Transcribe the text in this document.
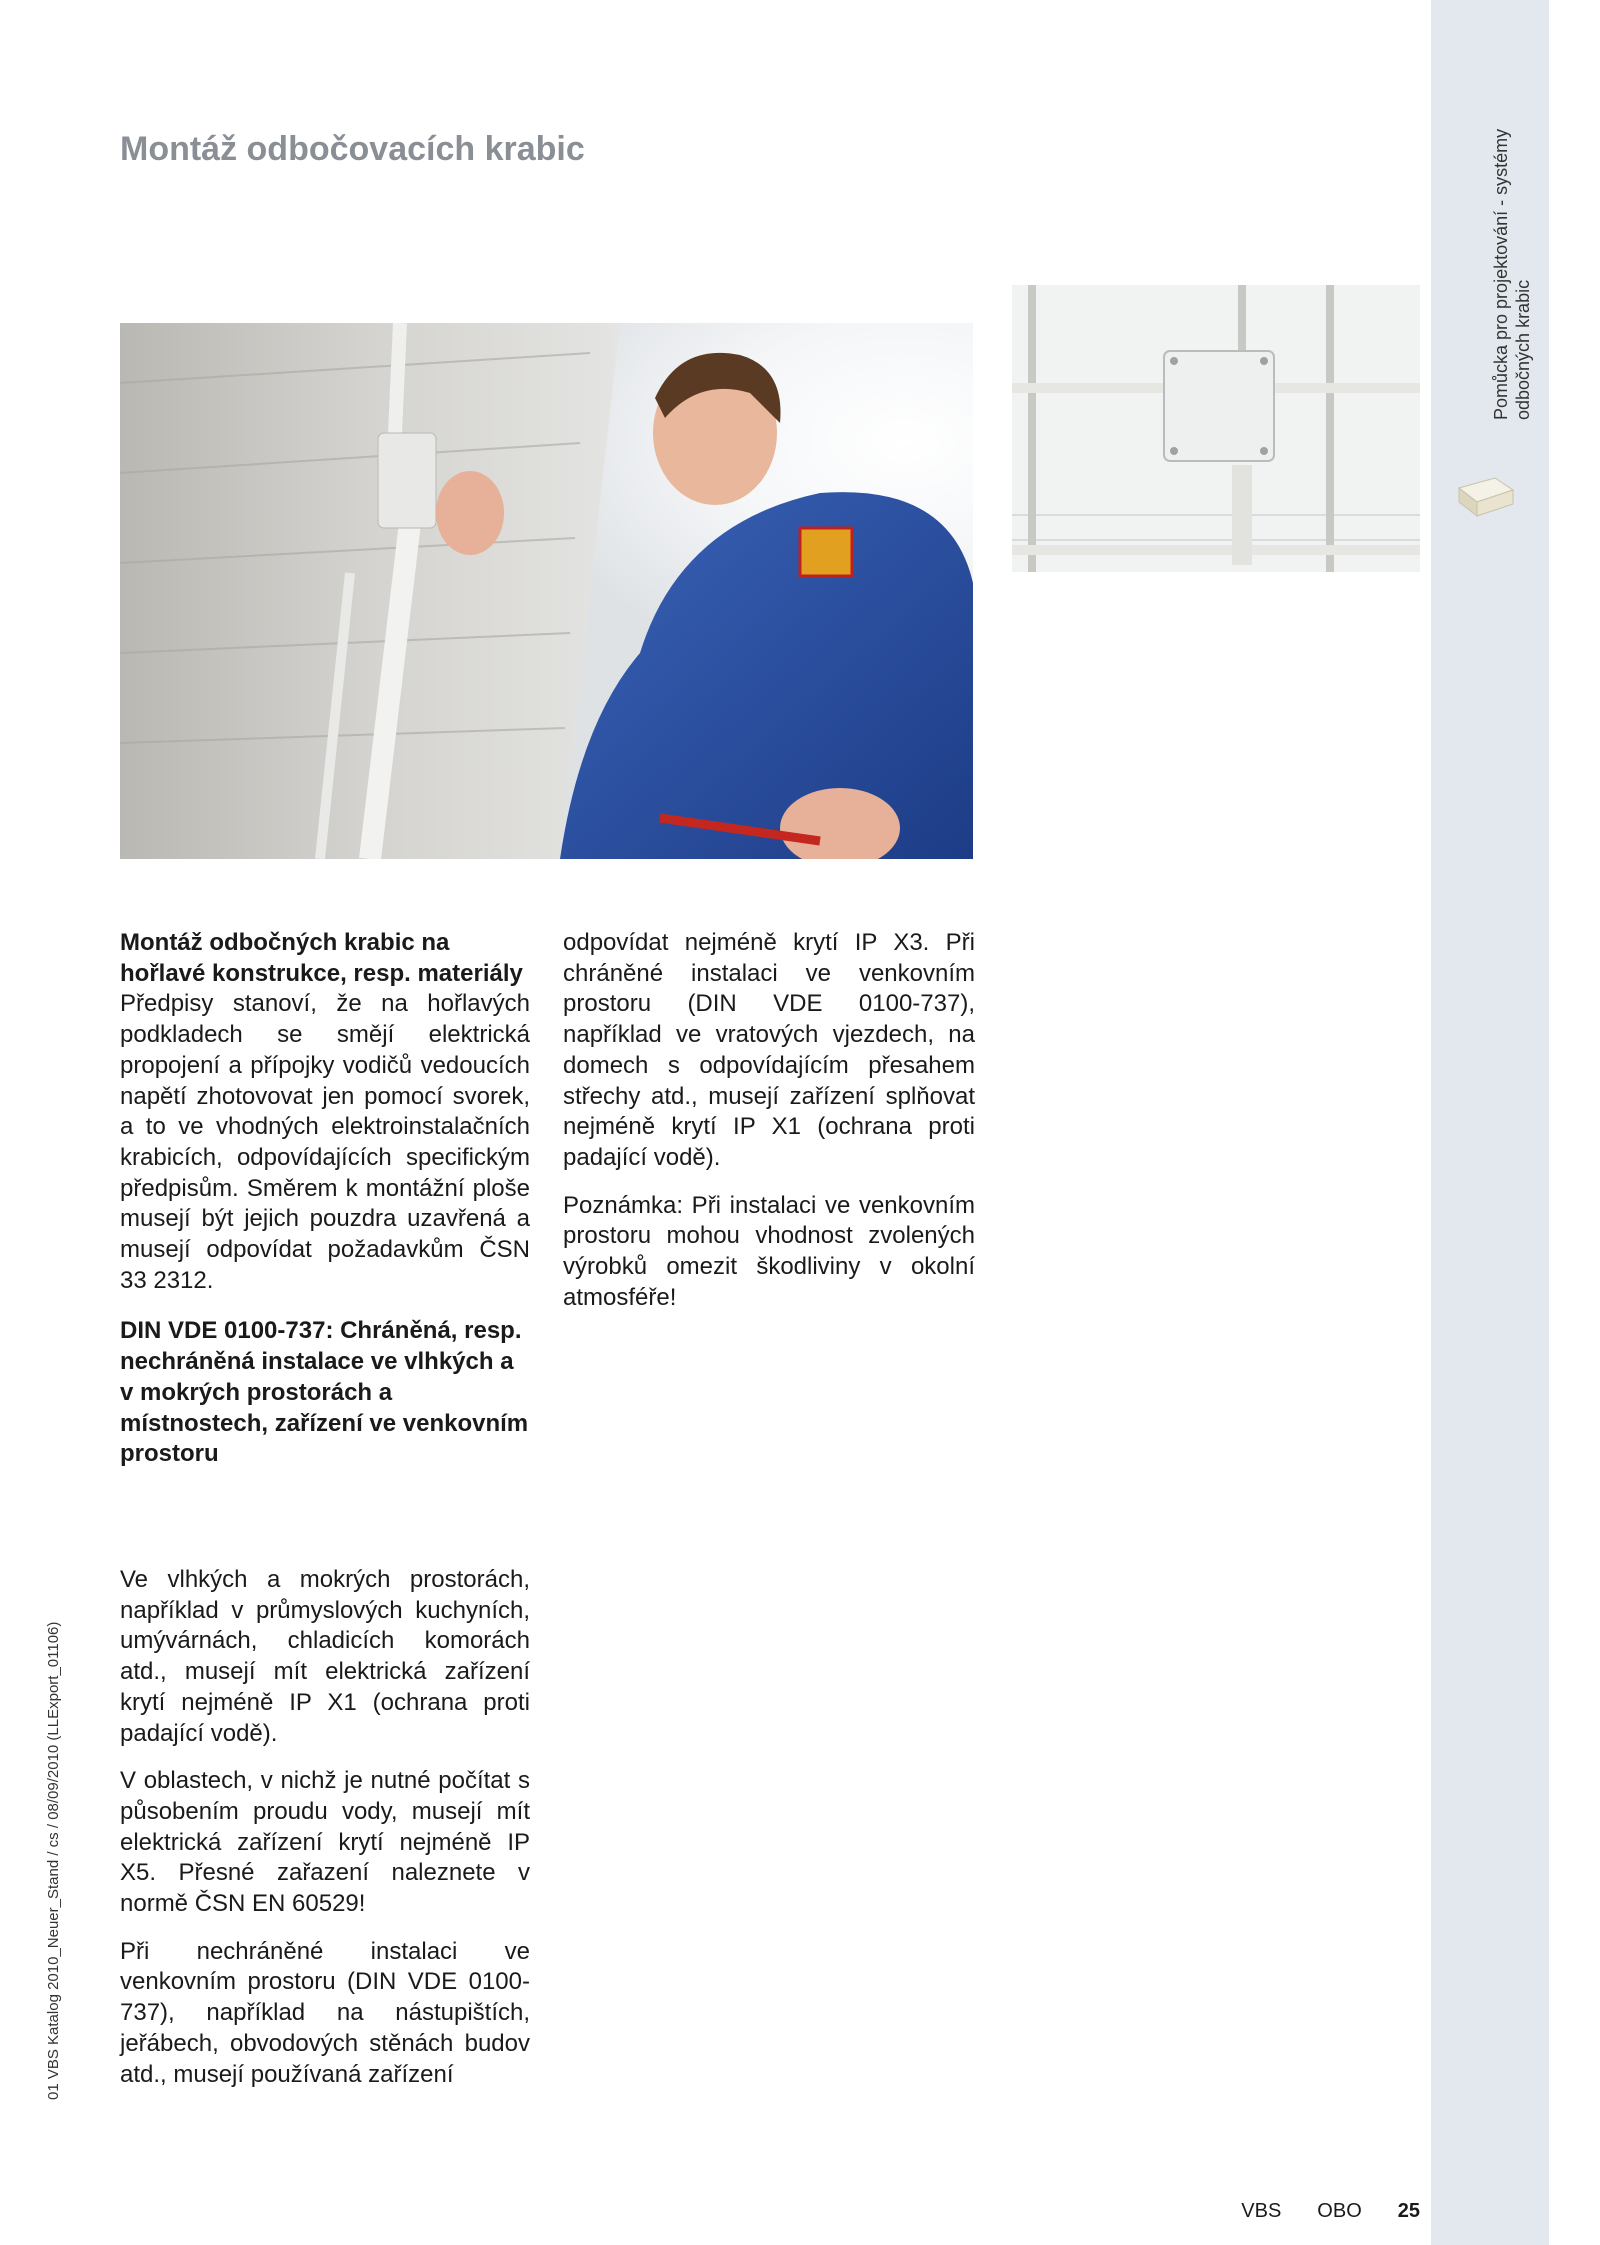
Pomůcka pro projektování - systémy odbočných krabic
Montáž odbočovacích krabic
Montáž odbočných krabic na hořlavé konstrukce, resp. materiály

Předpisy stanoví, že na hořlavých podkladech se smějí elektrická propojení a přípojky vodičů vedoucích napětí zhotovovat jen pomocí svorek, a to ve vhodných elektroinstalačních krabicích, odpovídajících specifickým předpisům. Směrem k montážní ploše musejí být jejich pouzdra uzavřená a musejí odpovídat požadavkům ČSN 33 2312.

DIN VDE 0100-737: Chráněná, resp. nechráněná instalace ve vlhkých a v mokrých prostorách a místnostech, zařízení ve venkovním prostoru

odpovídat nejméně krytí IP X3. Při chráněné instalaci ve venkovním prostoru (DIN VDE 0100-737), například ve vratových vjezdech, na domech s odpovídajícím přesahem střechy atd., musejí zařízení splňovat nejméně krytí IP X1 (ochrana proti padající vodě).

Poznámka: Při instalaci ve venkovním prostoru mohou vhodnost zvolených výrobků omezit škodliviny v okolní atmosféře!

Ve vlhkých a mokrých prostorách, například v průmyslových kuchyních, umývárnách, chladicích komorách atd., musejí mít elektrická zařízení krytí nejméně IP X1 (ochrana proti padající vodě).

V oblastech, v nichž je nutné počítat s působením proudu vody, musejí mít elektrická zařízení krytí nejméně IP X5. Přesné zařazení naleznete v normě ČSN EN 60529!

Při nechráněné instalaci ve venkovním prostoru (DIN VDE 0100-737), například na nástupištích, jeřábech, obvodových stěnách budov atd., musejí používaná zařízení

01 VBS Katalog 2010_Neuer_Stand / cs / 08/09/2010 (LLExport_01106)
VBS OBO 25
